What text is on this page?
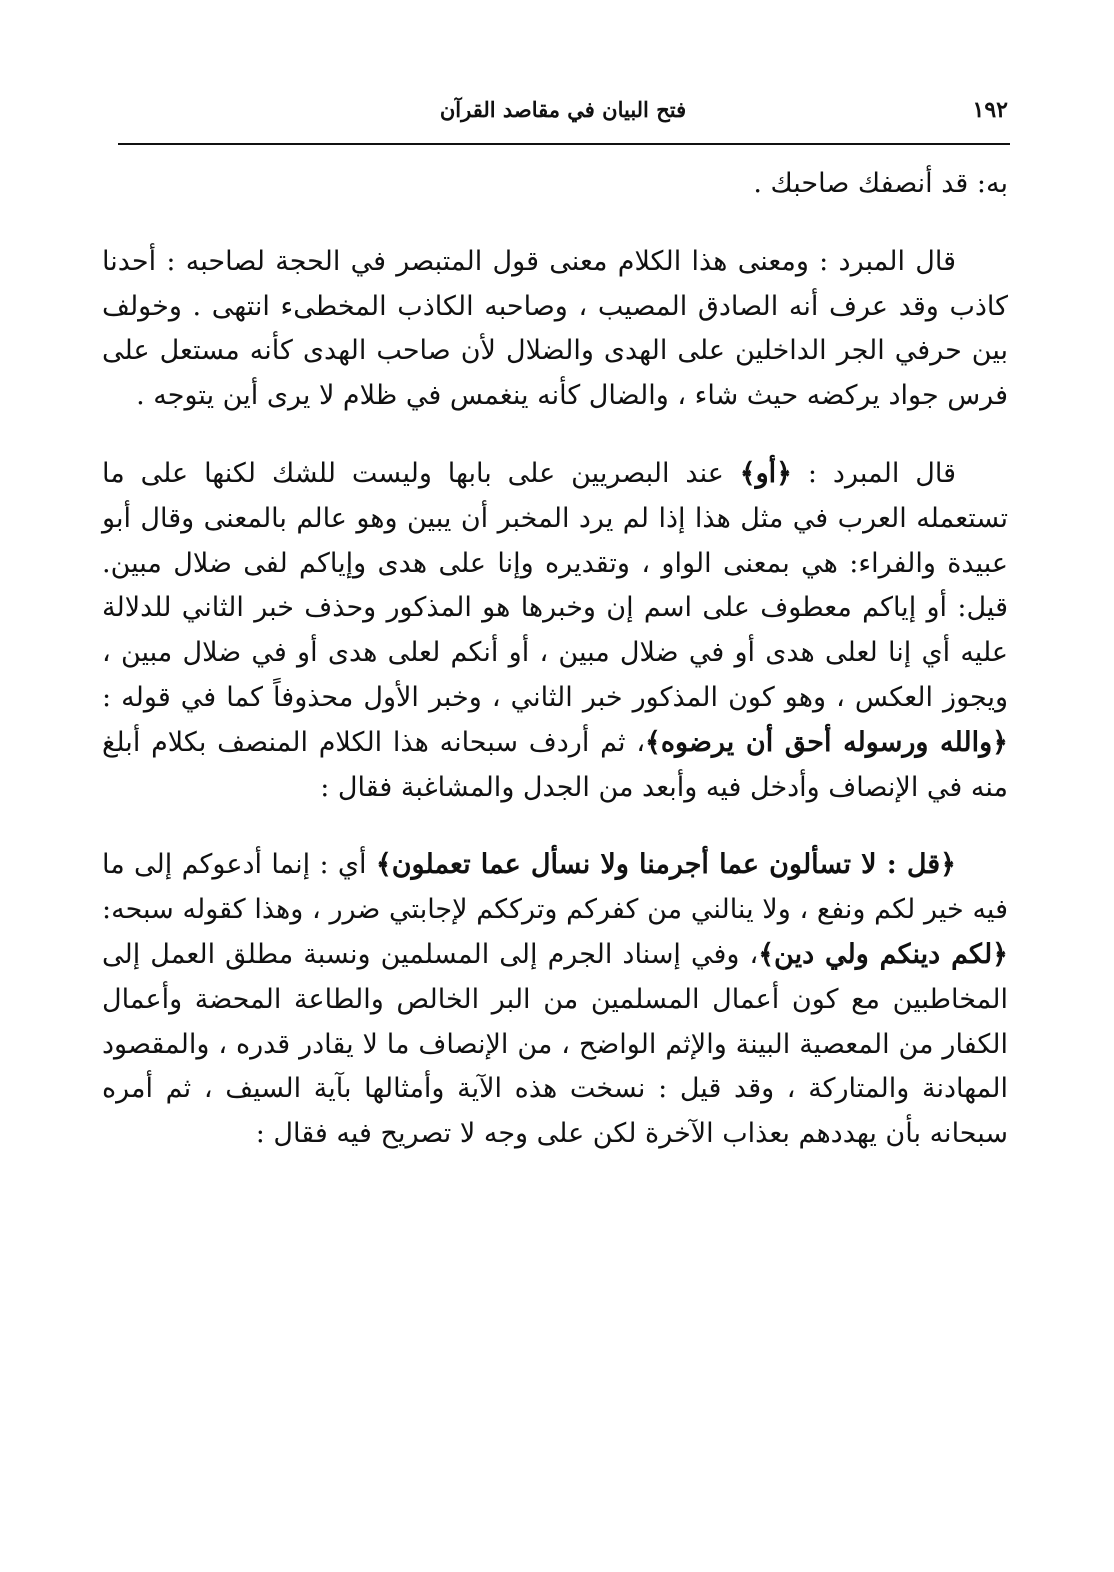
١٩٢
فتح البيان في مقاصد القرآن

به: قد أنصفك صاحبك .

قال المبرد : ومعنى هذا الكلام معنى قول المتبصر في الحجة لصاحبه : أحدنا كاذب وقد عرف أنه الصادق المصيب ، وصاحبه الكاذب المخطىء انتهى . وخولف بين حرفي الجر الداخلين على الهدى والضلال لأن صاحب الهدى كأنه مستعل على فرس جواد يركضه حيث شاء ، والضال كأنه ينغمس في ظلام لا يرى أين يتوجه .

قال المبرد : ﴿أو﴾ عند البصريين على بابها وليست للشك لكنها على ما تستعمله العرب في مثل هذا إذا لم يرد المخبر أن يبين وهو عالم بالمعنى وقال أبو عبيدة والفراء: هي بمعنى الواو ، وتقديره وإنا على هدى وإياكم لفى ضلال مبين. قيل: أو إياكم معطوف على اسم إن وخبرها هو المذكور وحذف خبر الثاني للدلالة عليه أي إنا لعلى هدى أو في ضلال مبين ، أو أنكم لعلى هدى أو في ضلال مبين ، ويجوز العكس ، وهو كون المذكور خبر الثاني ، وخبر الأول محذوفاً كما في قوله :﴿والله ورسوله أحق أن يرضوه﴾، ثم أردف سبحانه هذا الكلام المنصف بكلام أبلغ منه في الإنصاف وأدخل فيه وأبعد من الجدل والمشاغبة فقال :

﴿قل : لا تسألون عما أجرمنا ولا نسأل عما تعملون﴾ أي : إنما أدعوكم إلى ما فيه خير لكم ونفع ، ولا ينالني من كفركم وترككم لإجابتي ضرر ، وهذا كقوله سبحه:﴿لكم دينكم ولي دين﴾، وفي إسناد الجرم إلى المسلمين ونسبة مطلق العمل إلى المخاطبين مع كون أعمال المسلمين من البر الخالص والطاعة المحضة وأعمال الكفار من المعصية البينة والإثم الواضح ، من الإنصاف ما لا يقادر قدره ، والمقصود المهادنة والمتاركة ، وقد قيل : نسخت هذه الآية وأمثالها بآية السيف ، ثم أمره سبحانه بأن يهددهم بعذاب الآخرة لكن على وجه لا تصريح فيه فقال :
